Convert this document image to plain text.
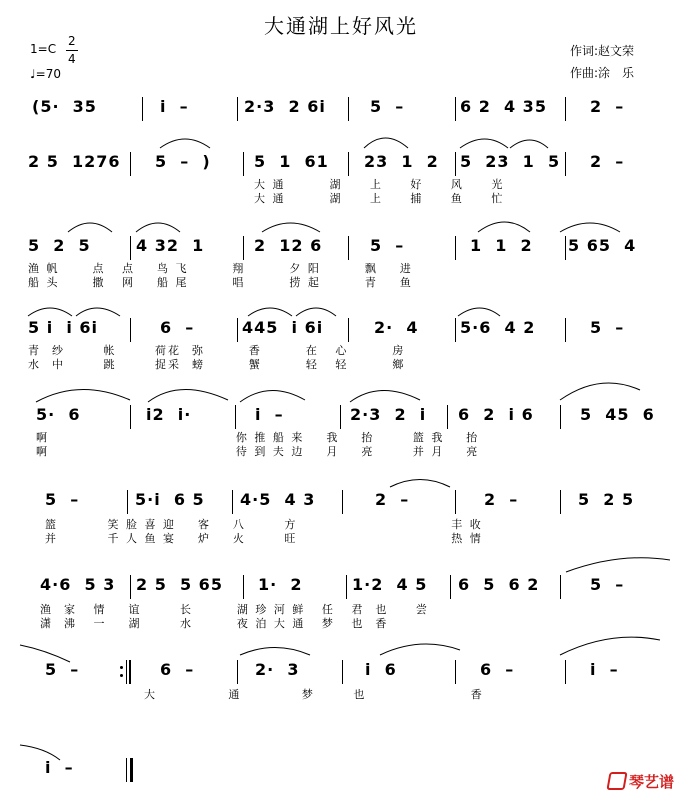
大通湖上好风光
1=C
2
4
♩=70
作词:赵文荣
作曲:涂　乐
(5·  35	i  –	2·3  2 6i	5  –	6 2  4 35	2  –
2 5  1276 5  –  )	5  1  61 23  1  2 5  23  1  5 2  –
大 通        湖     上     好     风     光
大 通        湖     上     捕     鱼     忙
5  2  5	4 32  1	2  12 6	5  –	1  1  2 5 65  4
渔 帆      点   点    鸟 飞        翔        夕 阳        飘    进
船 头      撒   网    船 尾        唱        捞 起        青    鱼
5 i  i 6i	6  –	445  i 6i	2·  4	5·6  4 2	5  –
青  纱       帐       荷花  弥        香        在   心        房
水  中       跳       捉采  螃        蟹        轻   轻        鄉
5·  6	i2  i·	i  –	2·3  2  i 6  2  i 6	5  45  6
啊                                  你 推 船 来    我    抬       篮 我    抬
啊                                  待 到 夫 边    月    亮       并 月    亮
5  –	5·i  6 5 4·5  4 3	2  –	2  –	5  2 5
篮         笑 脸 喜 迎    客    八       方                            丰 收
并         千 人 鱼 宴    炉    火       旺                            热 情
4·6  5 3 2 5  5 65 1·  2	1·2  4 5 6  5  6 2	5  –
渔  家   情    谊       长        湖 珍 河 鲜   任   君  也     尝
潇  沸   一    湖       水        夜 泊 大 通   梦   也  香
5  –	6  –	2·  3	i  6	6  –	i  –
大             通           梦       也                   香
i  –
琴艺谱
